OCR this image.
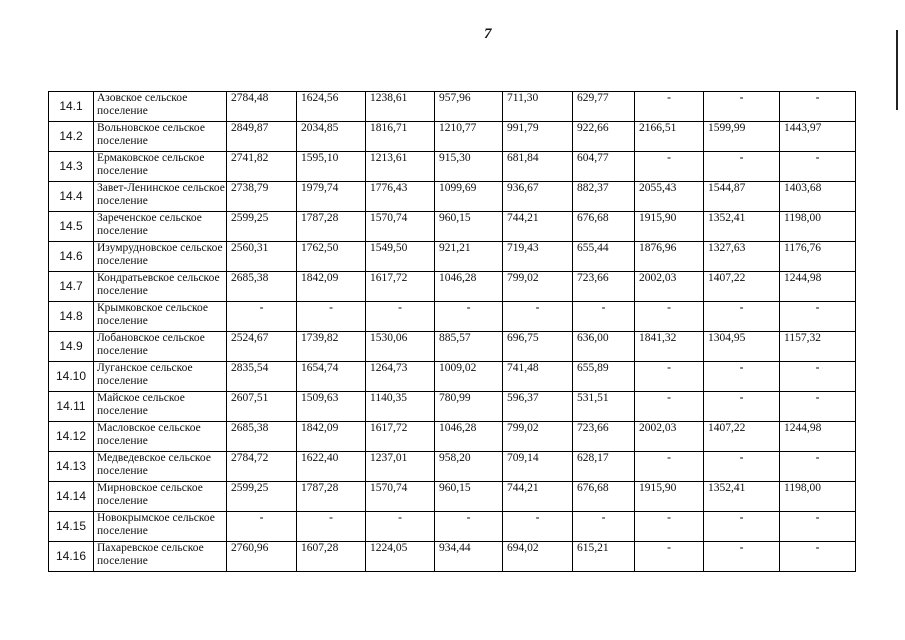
7
14.1	Азовское сельское поселение	2784,48	1624,56	1238,61	957,96	711,30	629,77	-	-	-
14.2	Вольновское сельское поселение	2849,87	2034,85	1816,71	1210,77	991,79	922,66	2166,51	1599,99	1443,97
14.3	Ермаковское сельское поселение	2741,82	1595,10	1213,61	915,30	681,84	604,77	-	-	-
14.4	Завет-Ленинское сельское поселение	2738,79	1979,74	1776,43	1099,69	936,67	882,37	2055,43	1544,87	1403,68
14.5	Зареченское сельское поселение	2599,25	1787,28	1570,74	960,15	744,21	676,68	1915,90	1352,41	1198,00
14.6	Изумрудновское сельское поселение	2560,31	1762,50	1549,50	921,21	719,43	655,44	1876,96	1327,63	1176,76
14.7	Кондратьевское сельское поселение	2685,38	1842,09	1617,72	1046,28	799,02	723,66	2002,03	1407,22	1244,98
14.8	Крымковское сельское поселение	-	-	-	-	-	-	-	-	-
14.9	Лобановское сельское поселение	2524,67	1739,82	1530,06	885,57	696,75	636,00	1841,32	1304,95	1157,32
14.10	Луганское сельское поселение	2835,54	1654,74	1264,73	1009,02	741,48	655,89	-	-	-
14.11	Майское сельское поселение	2607,51	1509,63	1140,35	780,99	596,37	531,51	-	-	-
14.12	Масловское сельское поселение	2685,38	1842,09	1617,72	1046,28	799,02	723,66	2002,03	1407,22	1244,98
14.13	Медведевское сельское поселение	2784,72	1622,40	1237,01	958,20	709,14	628,17	-	-	-
14.14	Мирновское сельское поселение	2599,25	1787,28	1570,74	960,15	744,21	676,68	1915,90	1352,41	1198,00
14.15	Новокрымское сельское поселение	-	-	-	-	-	-	-	-	-
14.16	Пахаревское сельское поселение	2760,96	1607,28	1224,05	934,44	694,02	615,21	-	-	-
